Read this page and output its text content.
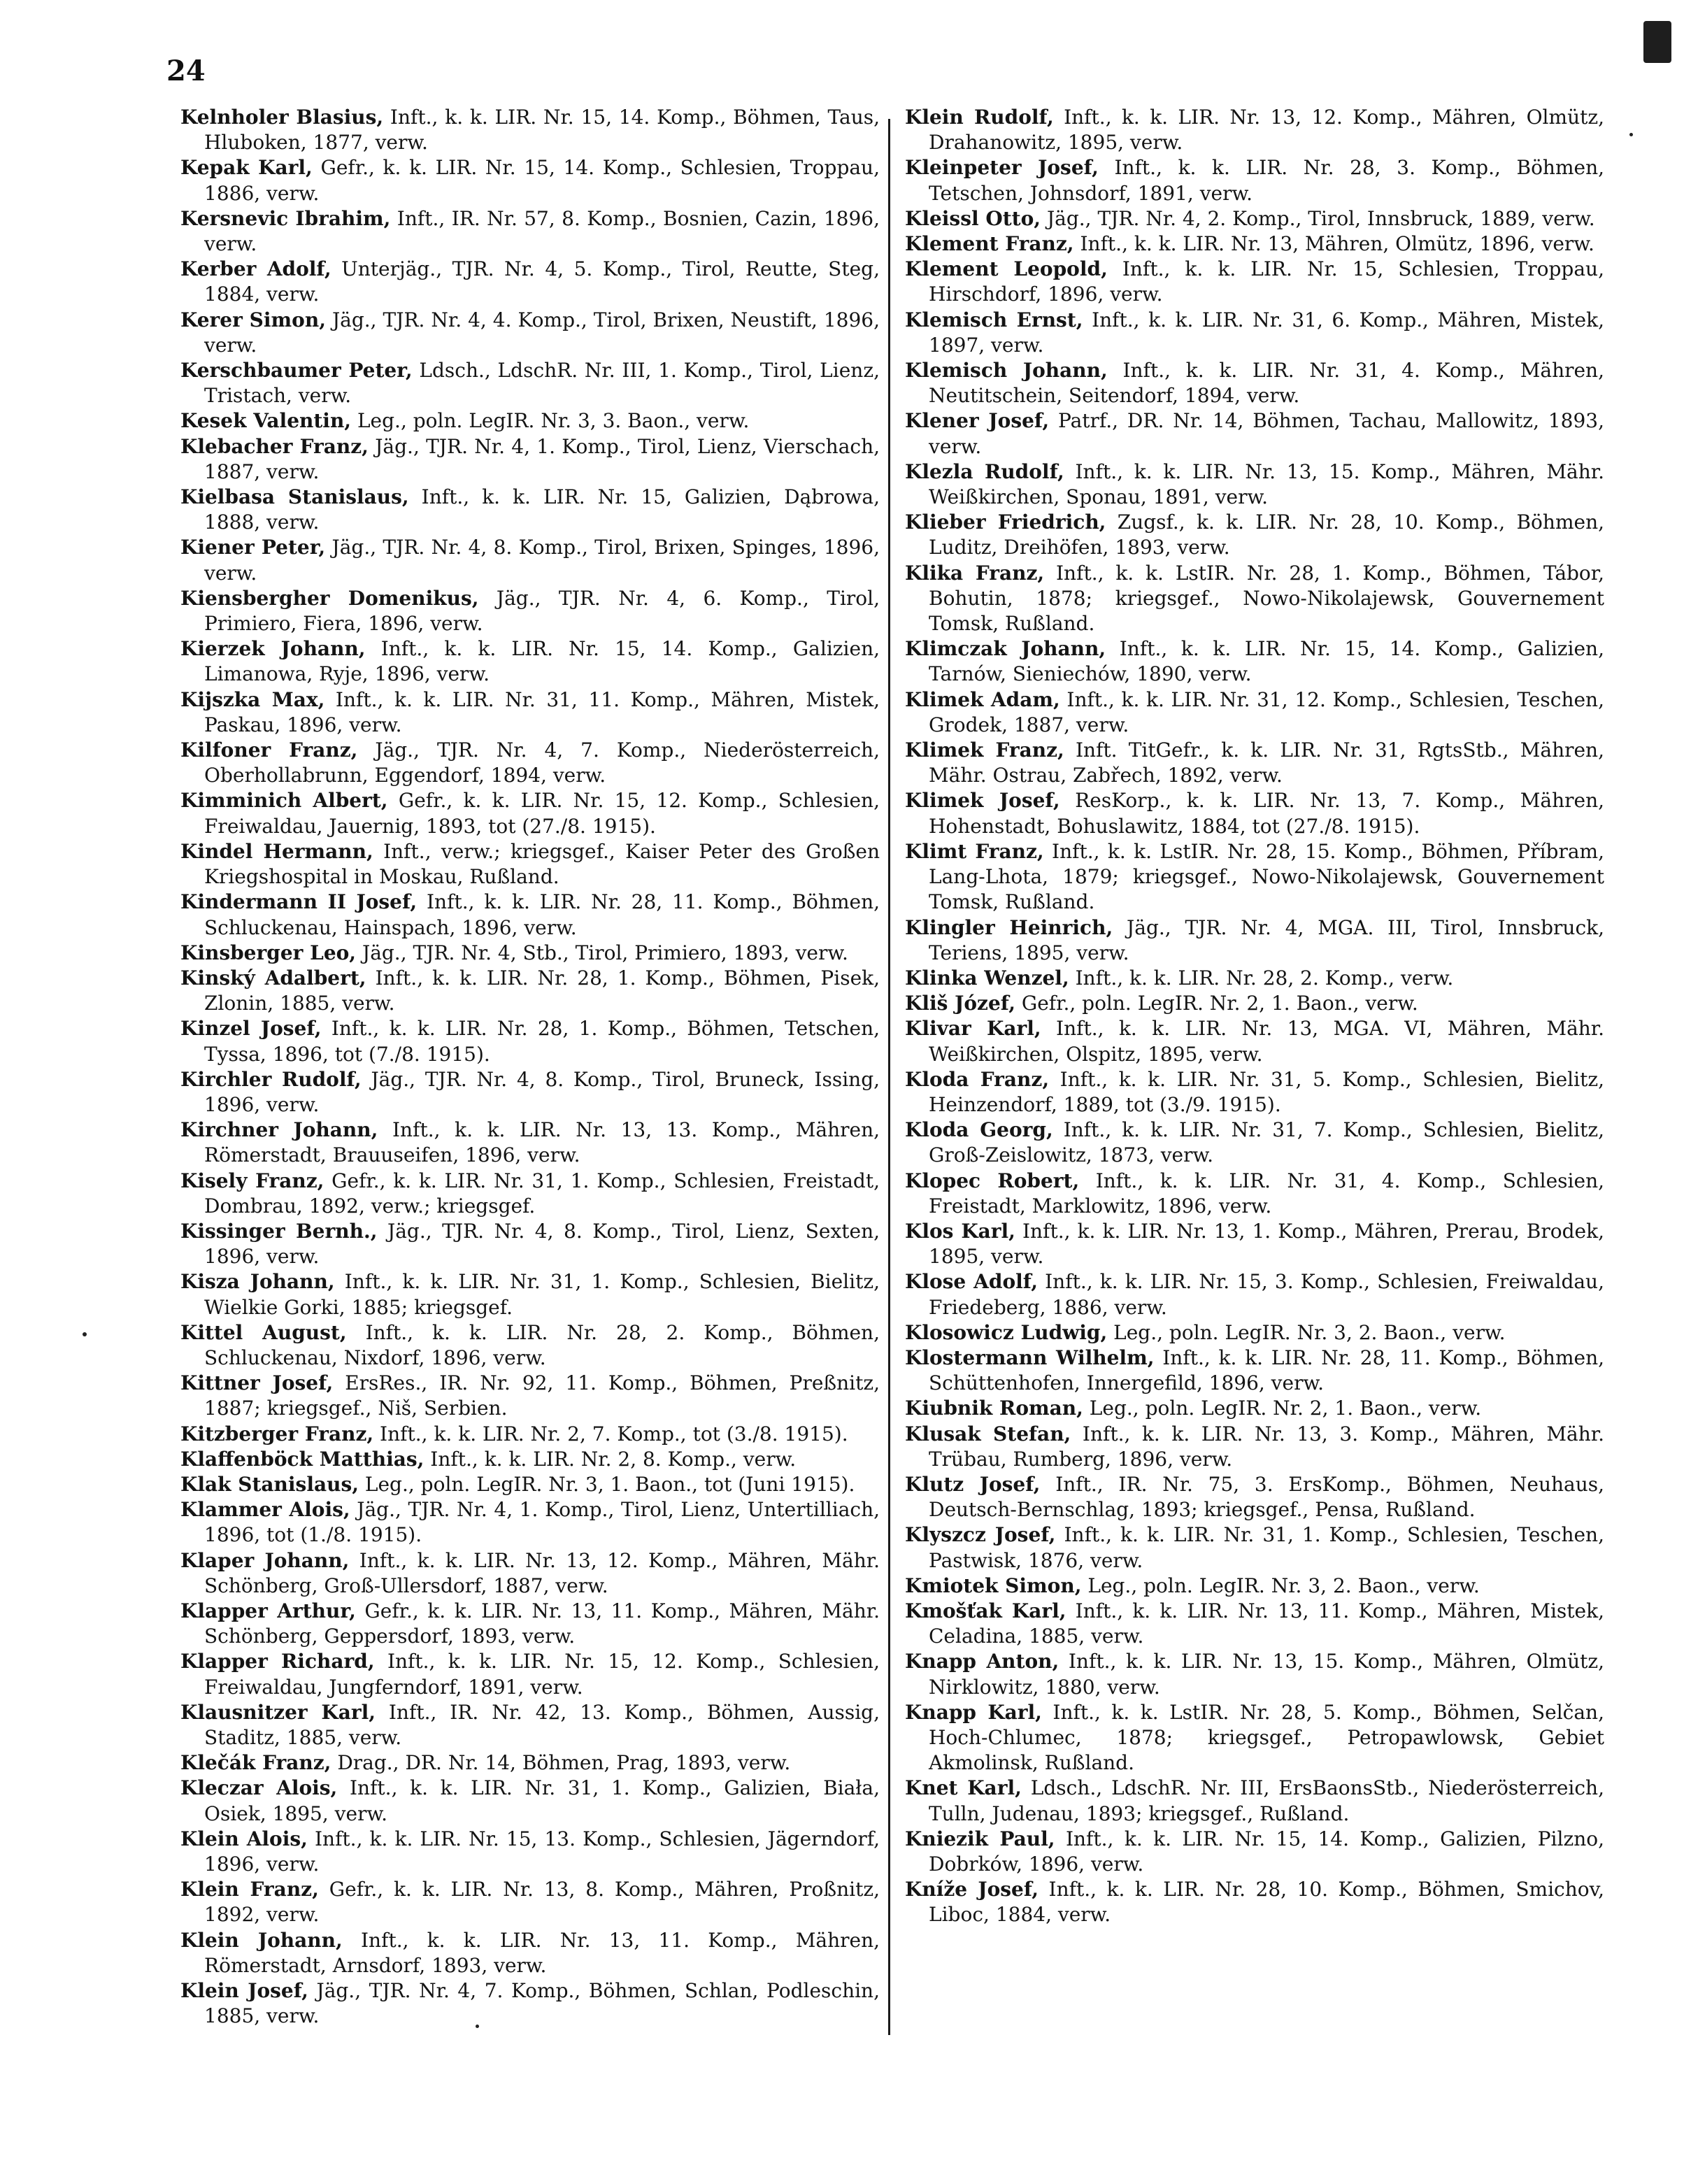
24

Kelnholer Blasius, Inft., k. k. LIR. Nr. 15, 14. Komp., Böhmen, Taus, Hluboken, 1877, verw.

Kepak Karl, Gefr., k. k. LIR. Nr. 15, 14. Komp., Schlesien, Troppau, 1886, verw.

Kersnevic Ibrahim, Inft., IR. Nr. 57, 8. Komp., Bosnien, Cazin, 1896, verw.

Kerber Adolf, Unterjäg., TJR. Nr. 4, 5. Komp., Tirol, Reutte, Steg, 1884, verw.

Kerer Simon, Jäg., TJR. Nr. 4, 4. Komp., Tirol, Brixen, Neustift, 1896, verw.

Kerschbaumer Peter, Ldsch., LdschR. Nr. III, 1. Komp., Tirol, Lienz, Tristach, verw.

Kesek Valentin, Leg., poln. LegIR. Nr. 3, 3. Baon., verw.

Klebacher Franz, Jäg., TJR. Nr. 4, 1. Komp., Tirol, Lienz, Vierschach, 1887, verw.

Kielbasa Stanislaus, Inft., k. k. LIR. Nr. 15, Galizien, Dąbrowa, 1888, verw.

Kiener Peter, Jäg., TJR. Nr. 4, 8. Komp., Tirol, Brixen, Spinges, 1896, verw.

Kiensbergher Domenikus, Jäg., TJR. Nr. 4, 6. Komp., Tirol, Primiero, Fiera, 1896, verw.

Kierzek Johann, Inft., k. k. LIR. Nr. 15, 14. Komp., Galizien, Limanowa, Ryje, 1896, verw.

Kijszka Max, Inft., k. k. LIR. Nr. 31, 11. Komp., Mähren, Mistek, Paskau, 1896, verw.

Kilfoner Franz, Jäg., TJR. Nr. 4, 7. Komp., Niederösterreich, Oberhollabrunn, Eggendorf, 1894, verw.

Kimminich Albert, Gefr., k. k. LIR. Nr. 15, 12. Komp., Schlesien, Freiwaldau, Jauernig, 1893, tot (27./8. 1915).

Kindel Hermann, Inft., verw.; kriegsgef., Kaiser Peter des Großen Kriegshospital in Moskau, Rußland.

Kindermann II Josef, Inft., k. k. LIR. Nr. 28, 11. Komp., Böhmen, Schluckenau, Hainspach, 1896, verw.

Kinsberger Leo, Jäg., TJR. Nr. 4, Stb., Tirol, Primiero, 1893, verw.

Kinský Adalbert, Inft., k. k. LIR. Nr. 28, 1. Komp., Böhmen, Pisek, Zlonin, 1885, verw.

Kinzel Josef, Inft., k. k. LIR. Nr. 28, 1. Komp., Böhmen, Tetschen, Tyssa, 1896, tot (7./8. 1915).

Kirchler Rudolf, Jäg., TJR. Nr. 4, 8. Komp., Tirol, Bruneck, Issing, 1896, verw.

Kirchner Johann, Inft., k. k. LIR. Nr. 13, 13. Komp., Mähren, Römerstadt, Brauuseifen, 1896, verw.

Kisely Franz, Gefr., k. k. LIR. Nr. 31, 1. Komp., Schlesien, Freistadt, Dombrau, 1892, verw.; kriegsgef.

Kissinger Bernh., Jäg., TJR. Nr. 4, 8. Komp., Tirol, Lienz, Sexten, 1896, verw.

Kisza Johann, Inft., k. k. LIR. Nr. 31, 1. Komp., Schlesien, Bielitz, Wielkie Gorki, 1885; kriegsgef.

Kittel August, Inft., k. k. LIR. Nr. 28, 2. Komp., Böhmen, Schluckenau, Nixdorf, 1896, verw.

Kittner Josef, ErsRes., IR. Nr. 92, 11. Komp., Böhmen, Preßnitz, 1887; kriegsgef., Niš, Serbien.

Kitzberger Franz, Inft., k. k. LIR. Nr. 2, 7. Komp., tot (3./8. 1915).

Klaffenböck Matthias, Inft., k. k. LIR. Nr. 2, 8. Komp., verw.

Klak Stanislaus, Leg., poln. LegIR. Nr. 3, 1. Baon., tot (Juni 1915).

Klammer Alois, Jäg., TJR. Nr. 4, 1. Komp., Tirol, Lienz, Untertilliach, 1896, tot (1./8. 1915).

Klaper Johann, Inft., k. k. LIR. Nr. 13, 12. Komp., Mähren, Mähr. Schönberg, Groß-Ullersdorf, 1887, verw.

Klapper Arthur, Gefr., k. k. LIR. Nr. 13, 11. Komp., Mähren, Mähr. Schönberg, Geppersdorf, 1893, verw.

Klapper Richard, Inft., k. k. LIR. Nr. 15, 12. Komp., Schlesien, Freiwaldau, Jungferndorf, 1891, verw.

Klausnitzer Karl, Inft., IR. Nr. 42, 13. Komp., Böhmen, Aussig, Staditz, 1885, verw.

Klečák Franz, Drag., DR. Nr. 14, Böhmen, Prag, 1893, verw.

Kleczar Alois, Inft., k. k. LIR. Nr. 31, 1. Komp., Galizien, Biała, Osiek, 1895, verw.

Klein Alois, Inft., k. k. LIR. Nr. 15, 13. Komp., Schlesien, Jägerndorf, 1896, verw.

Klein Franz, Gefr., k. k. LIR. Nr. 13, 8. Komp., Mähren, Proßnitz, 1892, verw.

Klein Johann, Inft., k. k. LIR. Nr. 13, 11. Komp., Mähren, Römerstadt, Arnsdorf, 1893, verw.

Klein Josef, Jäg., TJR. Nr. 4, 7. Komp., Böhmen, Schlan, Podleschin, 1885, verw.

Klein Rudolf, Inft., k. k. LIR. Nr. 13, 12. Komp., Mähren, Olmütz, Drahanowitz, 1895, verw.

Kleinpeter Josef, Inft., k. k. LIR. Nr. 28, 3. Komp., Böhmen, Tetschen, Johnsdorf, 1891, verw.

Kleissl Otto, Jäg., TJR. Nr. 4, 2. Komp., Tirol, Innsbruck, 1889, verw.

Klement Franz, Inft., k. k. LIR. Nr. 13, Mähren, Olmütz, 1896, verw.

Klement Leopold, Inft., k. k. LIR. Nr. 15, Schlesien, Troppau, Hirschdorf, 1896, verw.

Klemisch Ernst, Inft., k. k. LIR. Nr. 31, 6. Komp., Mähren, Mistek, 1897, verw.

Klemisch Johann, Inft., k. k. LIR. Nr. 31, 4. Komp., Mähren, Neutitschein, Seitendorf, 1894, verw.

Klener Josef, Patrf., DR. Nr. 14, Böhmen, Tachau, Mallowitz, 1893, verw.

Klezla Rudolf, Inft., k. k. LIR. Nr. 13, 15. Komp., Mähren, Mähr. Weißkirchen, Sponau, 1891, verw.

Klieber Friedrich, Zugsf., k. k. LIR. Nr. 28, 10. Komp., Böhmen, Luditz, Dreihöfen, 1893, verw.

Klika Franz, Inft., k. k. LstIR. Nr. 28, 1. Komp., Böhmen, Tábor, Bohutin, 1878; kriegsgef., Nowo-Nikolajewsk, Gouvernement Tomsk, Rußland.

Klimczak Johann, Inft., k. k. LIR. Nr. 15, 14. Komp., Galizien, Tarnów, Sieniechów, 1890, verw.

Klimek Adam, Inft., k. k. LIR. Nr. 31, 12. Komp., Schlesien, Teschen, Grodek, 1887, verw.

Klimek Franz, Inft. TitGefr., k. k. LIR. Nr. 31, RgtsStb., Mähren, Mähr. Ostrau, Zabřech, 1892, verw.

Klimek Josef, ResKorp., k. k. LIR. Nr. 13, 7. Komp., Mähren, Hohenstadt, Bohuslawitz, 1884, tot (27./8. 1915).

Klimt Franz, Inft., k. k. LstIR. Nr. 28, 15. Komp., Böhmen, Příbram, Lang-Lhota, 1879; kriegsgef., Nowo-Nikolajewsk, Gouvernement Tomsk, Rußland.

Klingler Heinrich, Jäg., TJR. Nr. 4, MGA. III, Tirol, Innsbruck, Teriens, 1895, verw.

Klinka Wenzel, Inft., k. k. LIR. Nr. 28, 2. Komp., verw.

Kliš Józef, Gefr., poln. LegIR. Nr. 2, 1. Baon., verw.

Klivar Karl, Inft., k. k. LIR. Nr. 13, MGA. VI, Mähren, Mähr. Weißkirchen, Olspitz, 1895, verw.

Kloda Franz, Inft., k. k. LIR. Nr. 31, 5. Komp., Schlesien, Bielitz, Heinzendorf, 1889, tot (3./9. 1915).

Kloda Georg, Inft., k. k. LIR. Nr. 31, 7. Komp., Schlesien, Bielitz, Groß-Zeislowitz, 1873, verw.

Klopec Robert, Inft., k. k. LIR. Nr. 31, 4. Komp., Schlesien, Freistadt, Marklowitz, 1896, verw.

Klos Karl, Inft., k. k. LIR. Nr. 13, 1. Komp., Mähren, Prerau, Brodek, 1895, verw.

Klose Adolf, Inft., k. k. LIR. Nr. 15, 3. Komp., Schlesien, Freiwaldau, Friedeberg, 1886, verw.

Klosowicz Ludwig, Leg., poln. LegIR. Nr. 3, 2. Baon., verw.

Klostermann Wilhelm, Inft., k. k. LIR. Nr. 28, 11. Komp., Böhmen, Schüttenhofen, Innergefild, 1896, verw.

Kiubnik Roman, Leg., poln. LegIR. Nr. 2, 1. Baon., verw.

Klusak Stefan, Inft., k. k. LIR. Nr. 13, 3. Komp., Mähren, Mähr. Trübau, Rumberg, 1896, verw.

Klutz Josef, Inft., IR. Nr. 75, 3. ErsKomp., Böhmen, Neuhaus, Deutsch-Bernschlag, 1893; kriegsgef., Pensa, Rußland.

Klyszcz Josef, Inft., k. k. LIR. Nr. 31, 1. Komp., Schlesien, Teschen, Pastwisk, 1876, verw.

Kmiotek Simon, Leg., poln. LegIR. Nr. 3, 2. Baon., verw.

Kmošťak Karl, Inft., k. k. LIR. Nr. 13, 11. Komp., Mähren, Mistek, Celadina, 1885, verw.

Knapp Anton, Inft., k. k. LIR. Nr. 13, 15. Komp., Mähren, Olmütz, Nirklowitz, 1880, verw.

Knapp Karl, Inft., k. k. LstIR. Nr. 28, 5. Komp., Böhmen, Selčan, Hoch-Chlumec, 1878; kriegsgef., Petropawlowsk, Gebiet Akmolinsk, Rußland.

Knet Karl, Ldsch., LdschR. Nr. III, ErsBaonsStb., Niederösterreich, Tulln, Judenau, 1893; kriegsgef., Rußland.

Kniezik Paul, Inft., k. k. LIR. Nr. 15, 14. Komp., Galizien, Pilzno, Dobrków, 1896, verw.

Kníže Josef, Inft., k. k. LIR. Nr. 28, 10. Komp., Böhmen, Smichov, Liboc, 1884, verw.
